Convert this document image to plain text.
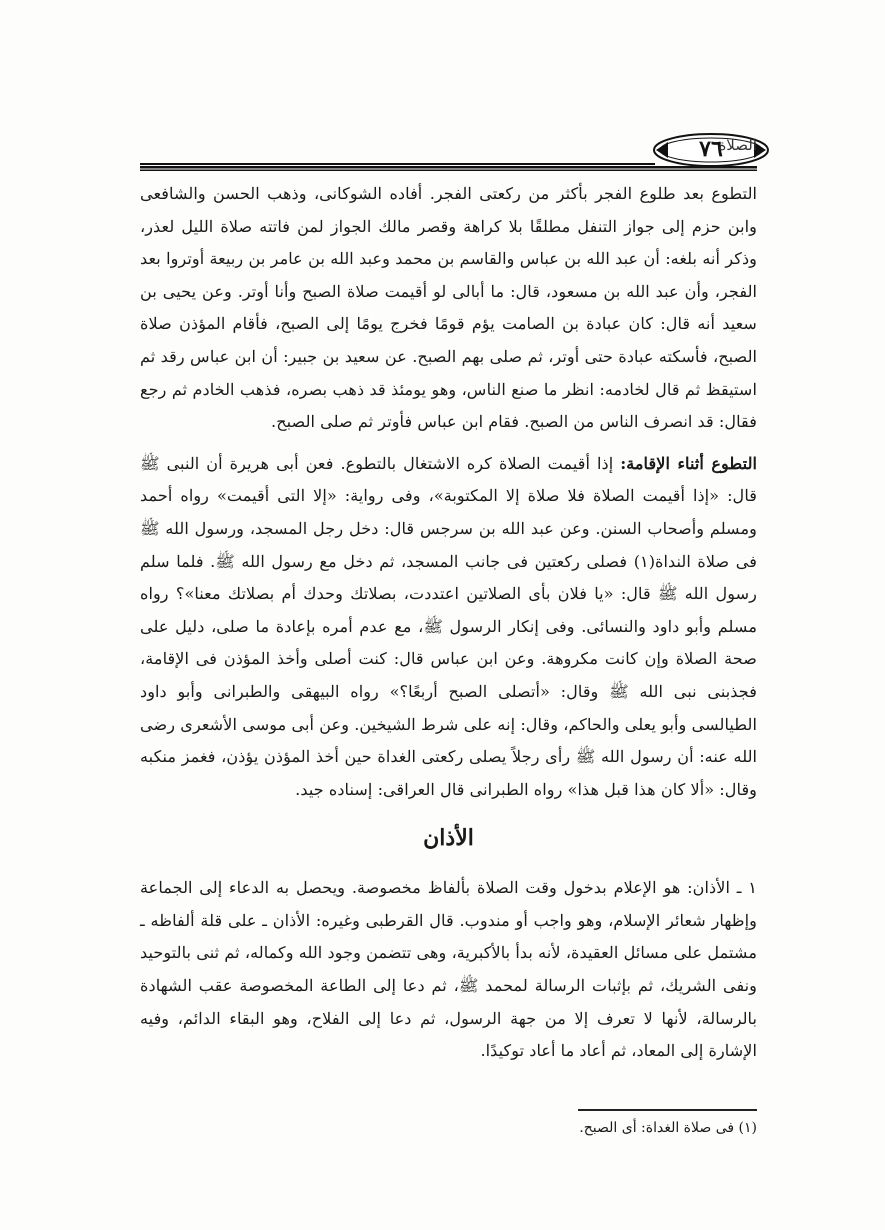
٧٦
الصلاة

التطوع بعد طلوع الفجر بأكثر من ركعتى الفجر. أفاده الشوكانى، وذهب الحسن والشافعى وابن حزم إلى جواز التنفل مطلقًا بلا كراهة وقصر مالك الجواز لمن فاتته صلاة الليل لعذر، وذكر أنه بلغه: أن عبد الله بن عباس والقاسم بن محمد وعبد الله بن عامر بن ربيعة أوتروا بعد الفجر، وأن عبد الله بن مسعود، قال: ما أبالى لو أقيمت صلاة الصبح وأنا أوتر. وعن يحيى بن سعيد أنه قال: كان عبادة بن الصامت يؤم قومًا فخرج يومًا إلى الصبح، فأقام المؤذن صلاة الصبح، فأسكته عبادة حتى أوتر، ثم صلى بهم الصبح. عن سعيد بن جبير: أن ابن عباس رقد ثم استيقظ ثم قال لخادمه: انظر ما صنع الناس، وهو يومئذ قد ذهب بصره، فذهب الخادم ثم رجع فقال: قد انصرف الناس من الصبح. فقام ابن عباس فأوتر ثم صلى الصبح.

التطوع أثناء الإقامة: إذا أقيمت الصلاة كره الاشتغال بالتطوع. فعن أبى هريرة أن النبى ﷺ قال: «إذا أقيمت الصلاة فلا صلاة إلا المكتوبة»، وفى رواية: «إلا التى أقيمت» رواه أحمد ومسلم وأصحاب السنن. وعن عبد الله بن سرجس قال: دخل رجل المسجد، ورسول الله ﷺ فى صلاة النداة(١) فصلى ركعتين فى جانب المسجد، ثم دخل مع رسول الله ﷺ. فلما سلم رسول الله ﷺ قال: «يا فلان بأى الصلاتين اعتددت، بصلاتك وحدك أم بصلاتك معنا»؟ رواه مسلم وأبو داود والنسائى. وفى إنكار الرسول ﷺ، مع عدم أمره بإعادة ما صلى، دليل على صحة الصلاة وإن كانت مكروهة. وعن ابن عباس قال: كنت أصلى وأخذ المؤذن فى الإقامة، فجذبنى نبى الله ﷺ وقال: «أتصلى الصبح أربعًا؟» رواه البيهقى والطبرانى وأبو داود الطيالسى وأبو يعلى والحاكم، وقال: إنه على شرط الشيخين. وعن أبى موسى الأشعرى رضى الله عنه: أن رسول الله ﷺ رأى رجلاً يصلى ركعتى الغداة حين أخذ المؤذن يؤذن، فغمز منكبه وقال: «ألا كان هذا قبل هذا» رواه الطبرانى قال العراقى: إسناده جيد.

الأذان

١ ـ الأذان: هو الإعلام بدخول وقت الصلاة بألفاظ مخصوصة. ويحصل به الدعاء إلى الجماعة وإظهار شعائر الإسلام، وهو واجب أو مندوب. قال القرطبى وغيره: الأذان ـ على قلة ألفاظه ـ مشتمل على مسائل العقيدة، لأنه بدأ بالأكبرية، وهى تتضمن وجود الله وكماله، ثم ثنى بالتوحيد ونفى الشريك، ثم بإثبات الرسالة لمحمد ﷺ، ثم دعا إلى الطاعة المخصوصة عقب الشهادة بالرسالة، لأنها لا تعرف إلا من جهة الرسول، ثم دعا إلى الفلاح، وهو البقاء الدائم، وفيه الإشارة إلى المعاد، ثم أعاد ما أعاد توكيدًا.

(١) فى صلاة الغداة: أى الصبح.
